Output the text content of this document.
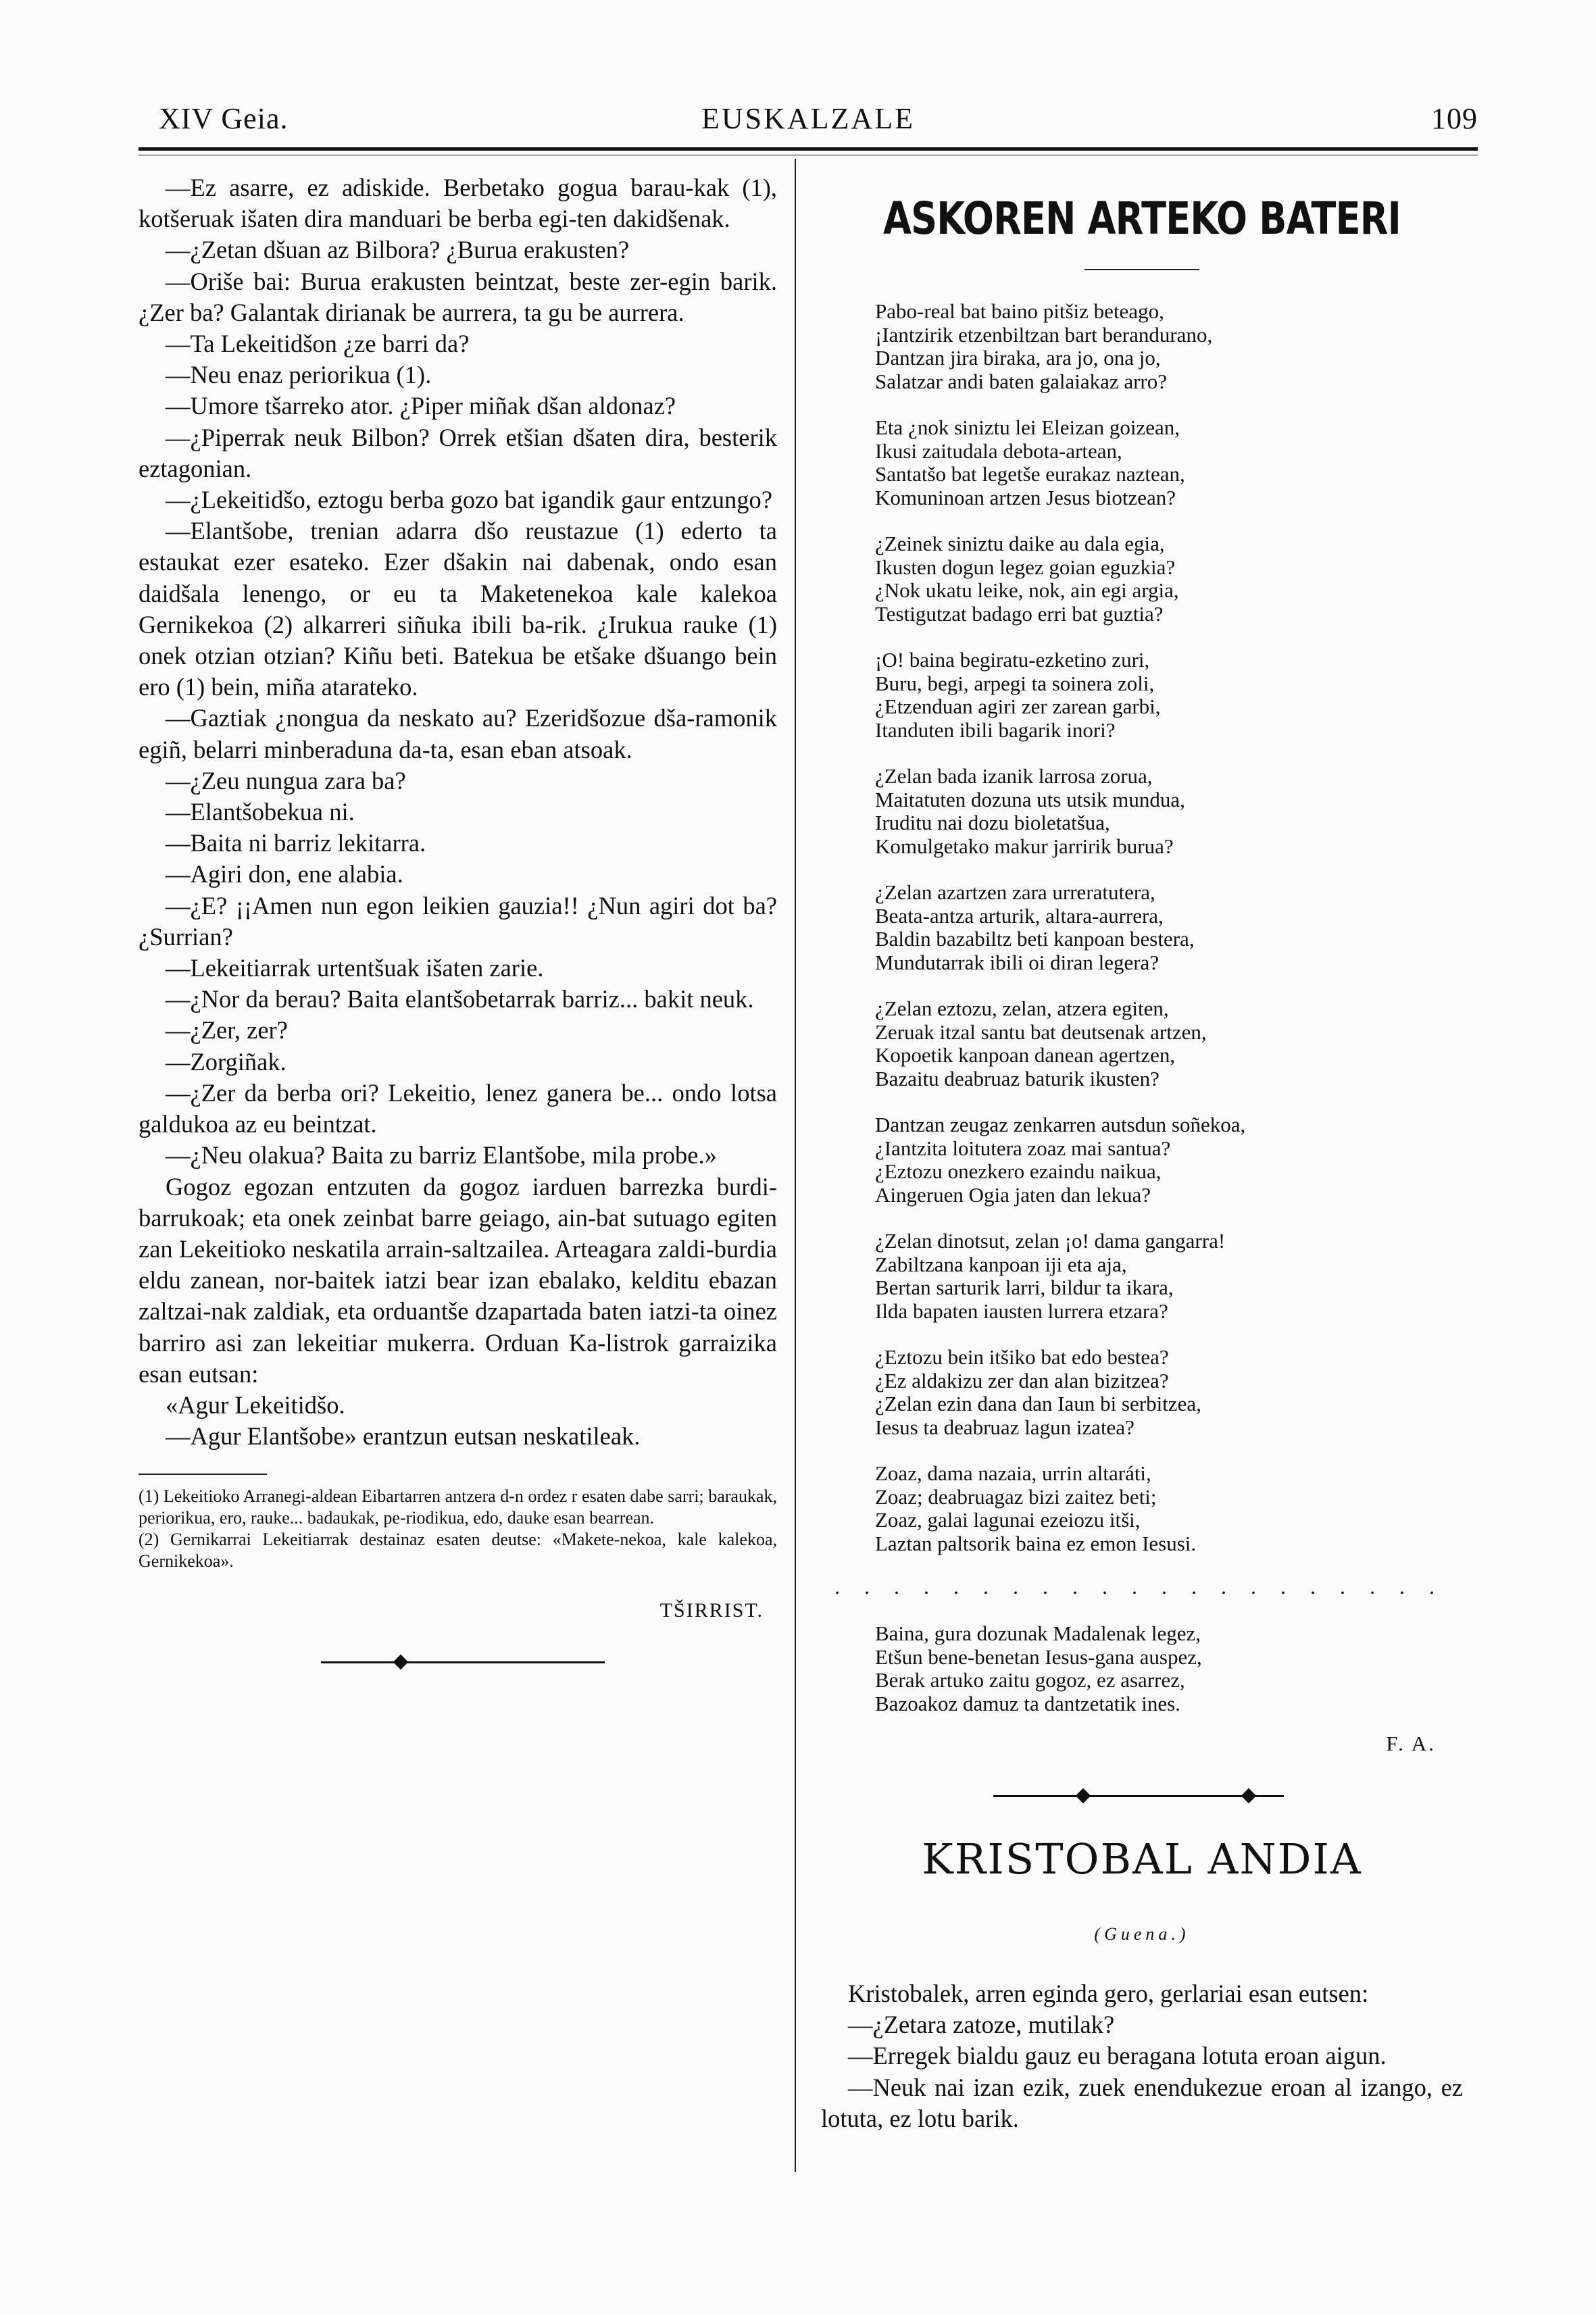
XIV Geia.	EUSKALZALE	109

—Ez asarre, ez adiskide. Berbetako gogua barau-kak (1), kotšeruak išaten dira manduari be berba egi-ten dakidšenak.

—¿Zetan dšuan az Bilbora? ¿Burua erakusten?

—Oriše bai: Burua erakusten beintzat, beste zer-egin barik. ¿Zer ba? Galantak dirianak be aurrera, ta gu be aurrera.

—Ta Lekeitidšon ¿ze barri da?

—Neu enaz periorikua (1).

—Umore tšarreko ator. ¿Piper miñak dšan aldonaz?

—¿Piperrak neuk Bilbon? Orrek etšian dšaten dira, besterik eztagonian.

—¿Lekeitidšo, eztogu berba gozo bat igandik gaur entzungo?

—Elantšobe, trenian adarra dšo reustazue (1) ederto ta estaukat ezer esateko. Ezer dšakin nai dabenak, ondo esan daidšala lenengo, or eu ta Maketenekoa kale kalekoa Gernikekoa (2) alkarreri siñuka ibili ba-rik. ¿Irukua rauke (1) onek otzian otzian? Kiñu beti. Batekua be etšake dšuango bein ero (1) bein, miña atarateko.

—Gaztiak ¿nongua da neskato au? Ezeridšozue dša-ramonik egiñ, belarri minberaduna da-ta, esan eban atsoak.

—¿Zeu nungua zara ba?

—Elantšobekua ni.

—Baita ni barriz lekitarra.

—Agiri don, ene alabia.

—¿E? ¡¡Amen nun egon leikien gauzia!! ¿Nun agiri dot ba? ¿Surrian?

—Lekeitiarrak urtentšuak išaten zarie.

—¿Nor da berau? Baita elantšobetarrak barriz... bakit neuk.

—¿Zer, zer?

—Zorgiñak.

—¿Zer da berba ori? Lekeitio, lenez ganera be... ondo lotsa galdukoa az eu beintzat.

—¿Neu olakua? Baita zu barriz Elantšobe, mila probe.»

Gogoz egozan entzuten da gogoz iarduen barrezka burdi-barrukoak; eta onek zeinbat barre geiago, ain-bat sutuago egiten zan Lekeitioko neskatila arrain-saltzailea. Arteagara zaldi-burdia eldu zanean, nor-baitek iatzi bear izan ebalako, kelditu ebazan zaltzai-nak zaldiak, eta orduantše dzapartada baten iatzi-ta oinez barriro asi zan lekeitiar mukerra. Orduan Ka-listrok garraizika esan eutsan:

«Agur Lekeitidšo.

—Agur Elantšobe» erantzun eutsan neskatileak.

(1) Lekeitioko Arranegi-aldean Eibartarren antzera d-n ordez r esaten dabe sarri; baraukak, periorikua, ero, rauke... badaukak, pe-riodikua, edo, dauke esan bearrean.

(2) Gernikarrai Lekeitiarrak destainaz esaten deutse: «Makete-nekoa, kale kalekoa, Gernikekoa».

TŠIRRIST.
ASKOREN ARTEKO BATERI
Pabo-real bat baino pitšiz beteago,
¡Iantzirik etzenbiltzan bart berandurano,
Dantzan jira biraka, ara jo, ona jo,
Salatzar andi baten galaiakaz arro?
Eta ¿nok siniztu lei Eleizan goizean,
Ikusi zaitudala debota-artean,
Santatšo bat legetše eurakaz naztean,
Komuninoan artzen Jesus biotzean?
¿Zeinek siniztu daike au dala egia,
Ikusten dogun legez goian eguzkia?
¿Nok ukatu leike, nok, ain egi argia,
Testigutzat badago erri bat guztia?
¡O! baina begiratu-ezketino zuri,
Buru, begi, arpegi ta soinera zoli,
¿Etzenduan agiri zer zarean garbi,
Itanduten ibili bagarik inori?
¿Zelan bada izanik larrosa zorua,
Maitatuten dozuna uts utsik mundua,
Iruditu nai dozu bioletatšua,
Komulgetako makur jarririk burua?
¿Zelan azartzen zara urreratutera,
Beata-antza arturik, altara-aurrera,
Baldin bazabiltz beti kanpoan bestera,
Mundutarrak ibili oi diran legera?
¿Zelan eztozu, zelan, atzera egiten,
Zeruak itzal santu bat deutsenak artzen,
Kopoetik kanpoan danean agertzen,
Bazaitu deabruaz baturik ikusten?
Dantzan zeugaz zenkarren autsdun soñekoa,
¿Iantzita loitutera zoaz mai santua?
¿Eztozu onezkero ezaindu naikua,
Aingeruen Ogia jaten dan lekua?
¿Zelan dinotsut, zelan ¡o! dama gangarra!
Zabiltzana kanpoan iji eta aja,
Bertan sarturik larri, bildur ta ikara,
Ilda bapaten iausten lurrera etzara?
¿Eztozu bein itšiko bat edo bestea?
¿Ez aldakizu zer dan alan bizitzea?
¿Zelan ezin dana dan Iaun bi serbitzea,
Iesus ta deabruaz lagun izatea?
Zoaz, dama nazaia, urrin altaráti,
Zoaz; deabruagaz bizi zaitez beti;
Zoaz, galai lagunai ezeiozu itši,
Laztan paltsorik baina ez emon Iesusi.
. . . . . . . . . . . . . . . . . . . . .
Baina, gura dozunak Madalenak legez,
Etšun bene-benetan Iesus-gana auspez,
Berak artuko zaitu gogoz, ez asarrez,
Bazoakoz damuz ta dantzetatik ines.
F. A.
KRISTOBAL ANDIA
(Guena.)

Kristobalek, arren eginda gero, gerlariai esan eutsen:

—¿Zetara zatoze, mutilak?

—Erregek bialdu gauz eu beragana lotuta eroan aigun.

—Neuk nai izan ezik, zuek enendukezue eroan al izango, ez lotuta, ez lotu barik.
